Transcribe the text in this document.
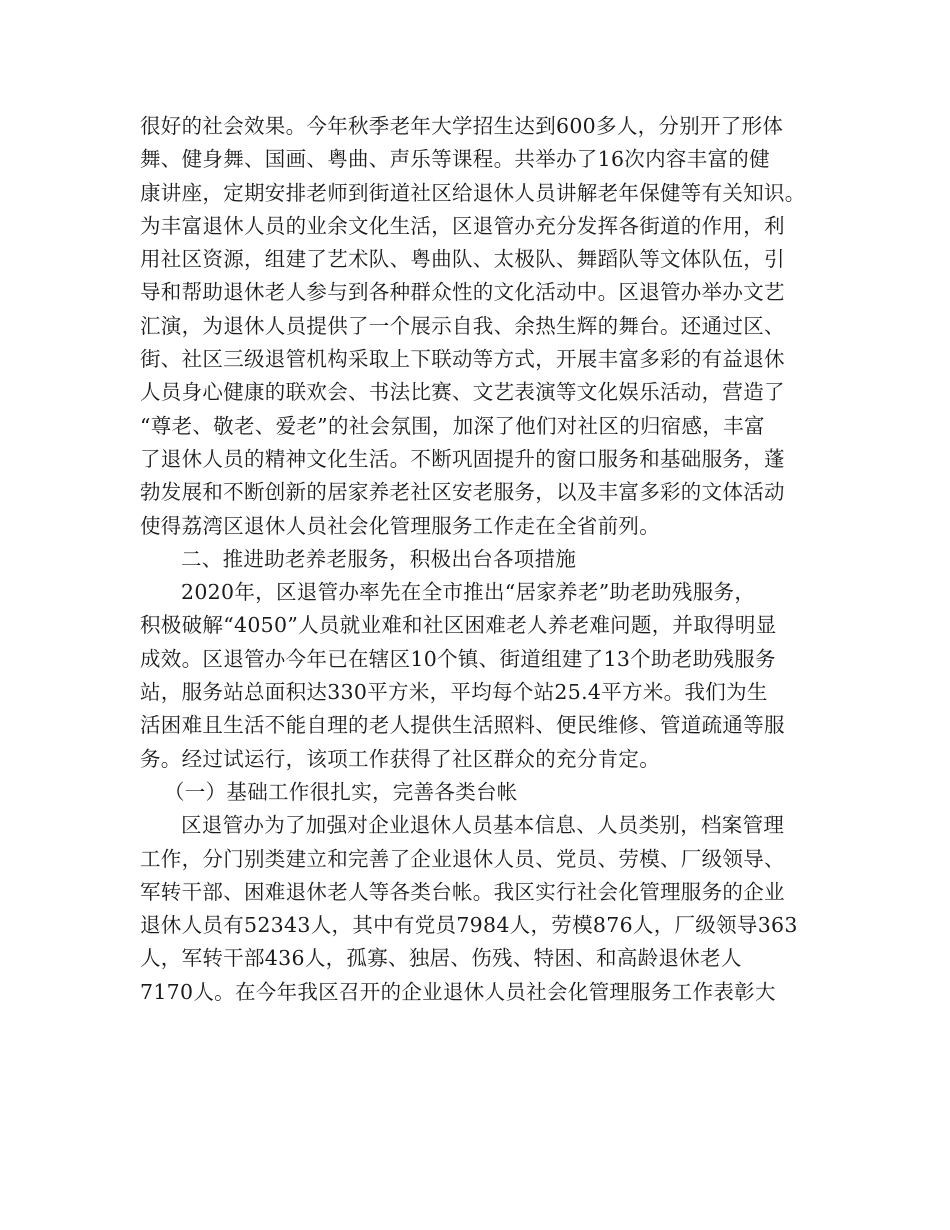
很好的社会效果。今年秋季老年大学招生达到600多人，分别开了形体
舞、健身舞、国画、粤曲、声乐等课程。共举办了16次内容丰富的健
康讲座，定期安排老师到街道社区给退休人员讲解老年保健等有关知识。
为丰富退休人员的业余文化生活，区退管办充分发挥各街道的作用，利
用社区资源，组建了艺术队、粤曲队、太极队、舞蹈队等文体队伍，引
导和帮助退休老人参与到各种群众性的文化活动中。区退管办举办文艺
汇演，为退休人员提供了一个展示自我、余热生辉的舞台。还通过区、
街、社区三级退管机构采取上下联动等方式，开展丰富多彩的有益退休
人员身心健康的联欢会、书法比赛、文艺表演等文化娱乐活动，营造了
“尊老、敬老、爱老”的社会氛围，加深了他们对社区的归宿感，丰富
了退休人员的精神文化生活。不断巩固提升的窗口服务和基础服务，蓬
勃发展和不断创新的居家养老社区安老服务，以及丰富多彩的文体活动
使得荔湾区退休人员社会化管理服务工作走在全省前列。
二、推进助老养老服务，积极出台各项措施
2020年，区退管办率先在全市推出“居家养老”助老助残服务，
积极破解“4050”人员就业难和社区困难老人养老难问题，并取得明显
成效。区退管办今年已在辖区10个镇、街道组建了13个助老助残服务
站，服务站总面积达330平方米，平均每个站25.4平方米。我们为生
活困难且生活不能自理的老人提供生活照料、便民维修、管道疏通等服
务。经过试运行，该项工作获得了社区群众的充分肯定。
（一）基础工作很扎实，完善各类台帐
区退管办为了加强对企业退休人员基本信息、人员类别，档案管理
工作，分门别类建立和完善了企业退休人员、党员、劳模、厂级领导、
军转干部、困难退休老人等各类台帐。我区实行社会化管理服务的企业
退休人员有52343人，其中有党员7984人，劳模876人，厂级领导363
人，军转干部436人，孤寡、独居、伤残、特困、和高龄退休老人
7170人。在今年我区召开的企业退休人员社会化管理服务工作表彰大
